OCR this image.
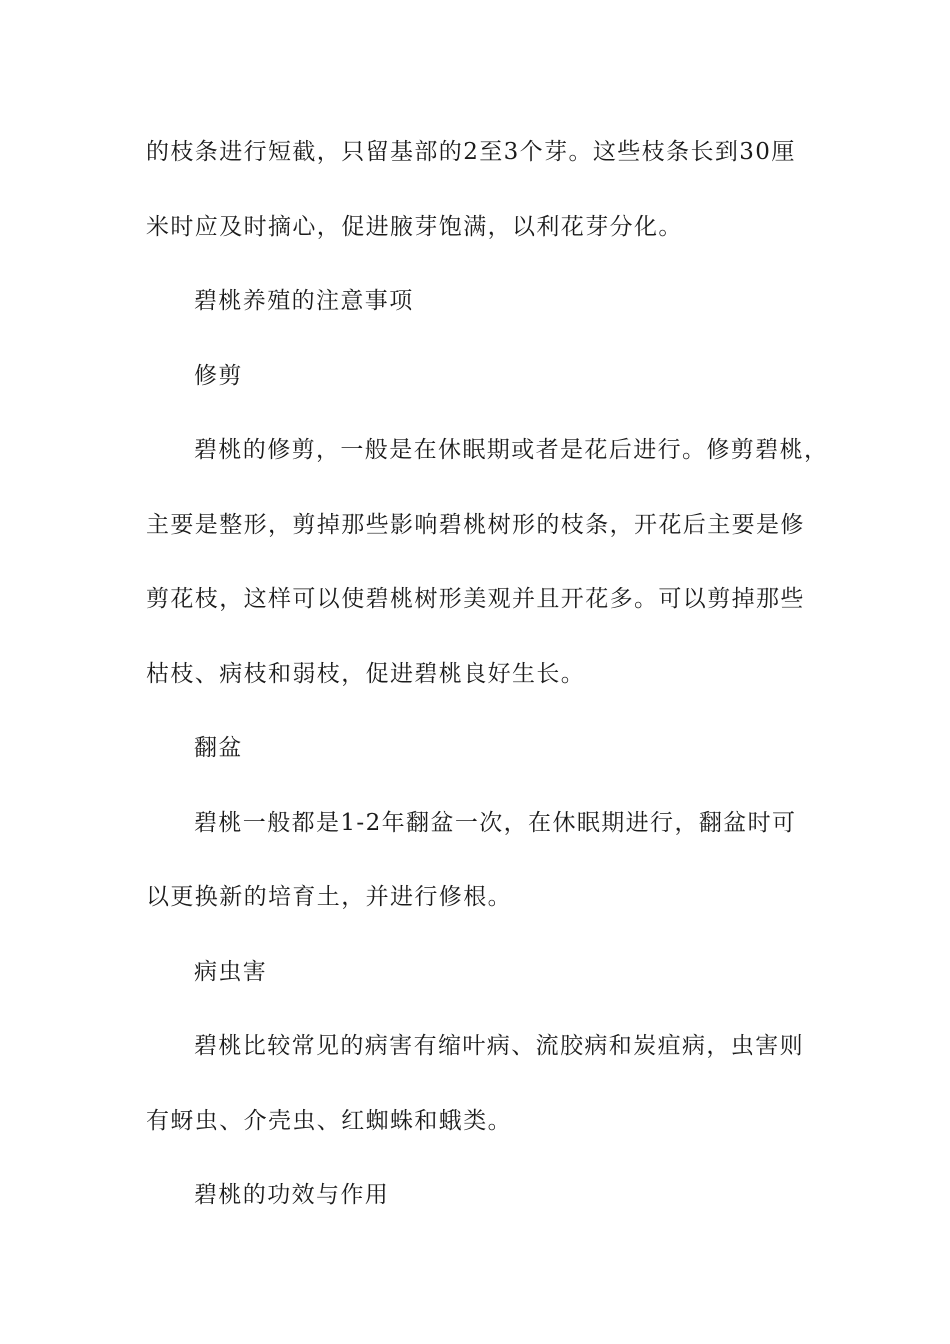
的枝条进行短截，只留基部的2至3个芽。这些枝条长到30厘
米时应及时摘心，促进腋芽饱满，以利花芽分化。
碧桃养殖的注意事项
修剪
碧桃的修剪，一般是在休眠期或者是花后进行。修剪碧桃，
主要是整形，剪掉那些影响碧桃树形的枝条，开花后主要是修
剪花枝，这样可以使碧桃树形美观并且开花多。可以剪掉那些
枯枝、病枝和弱枝，促进碧桃良好生长。
翻盆
碧桃一般都是1-2年翻盆一次，在休眠期进行，翻盆时可
以更换新的培育土，并进行修根。
病虫害
碧桃比较常见的病害有缩叶病、流胶病和炭疽病，虫害则
有蚜虫、介壳虫、红蜘蛛和蛾类。
碧桃的功效与作用
